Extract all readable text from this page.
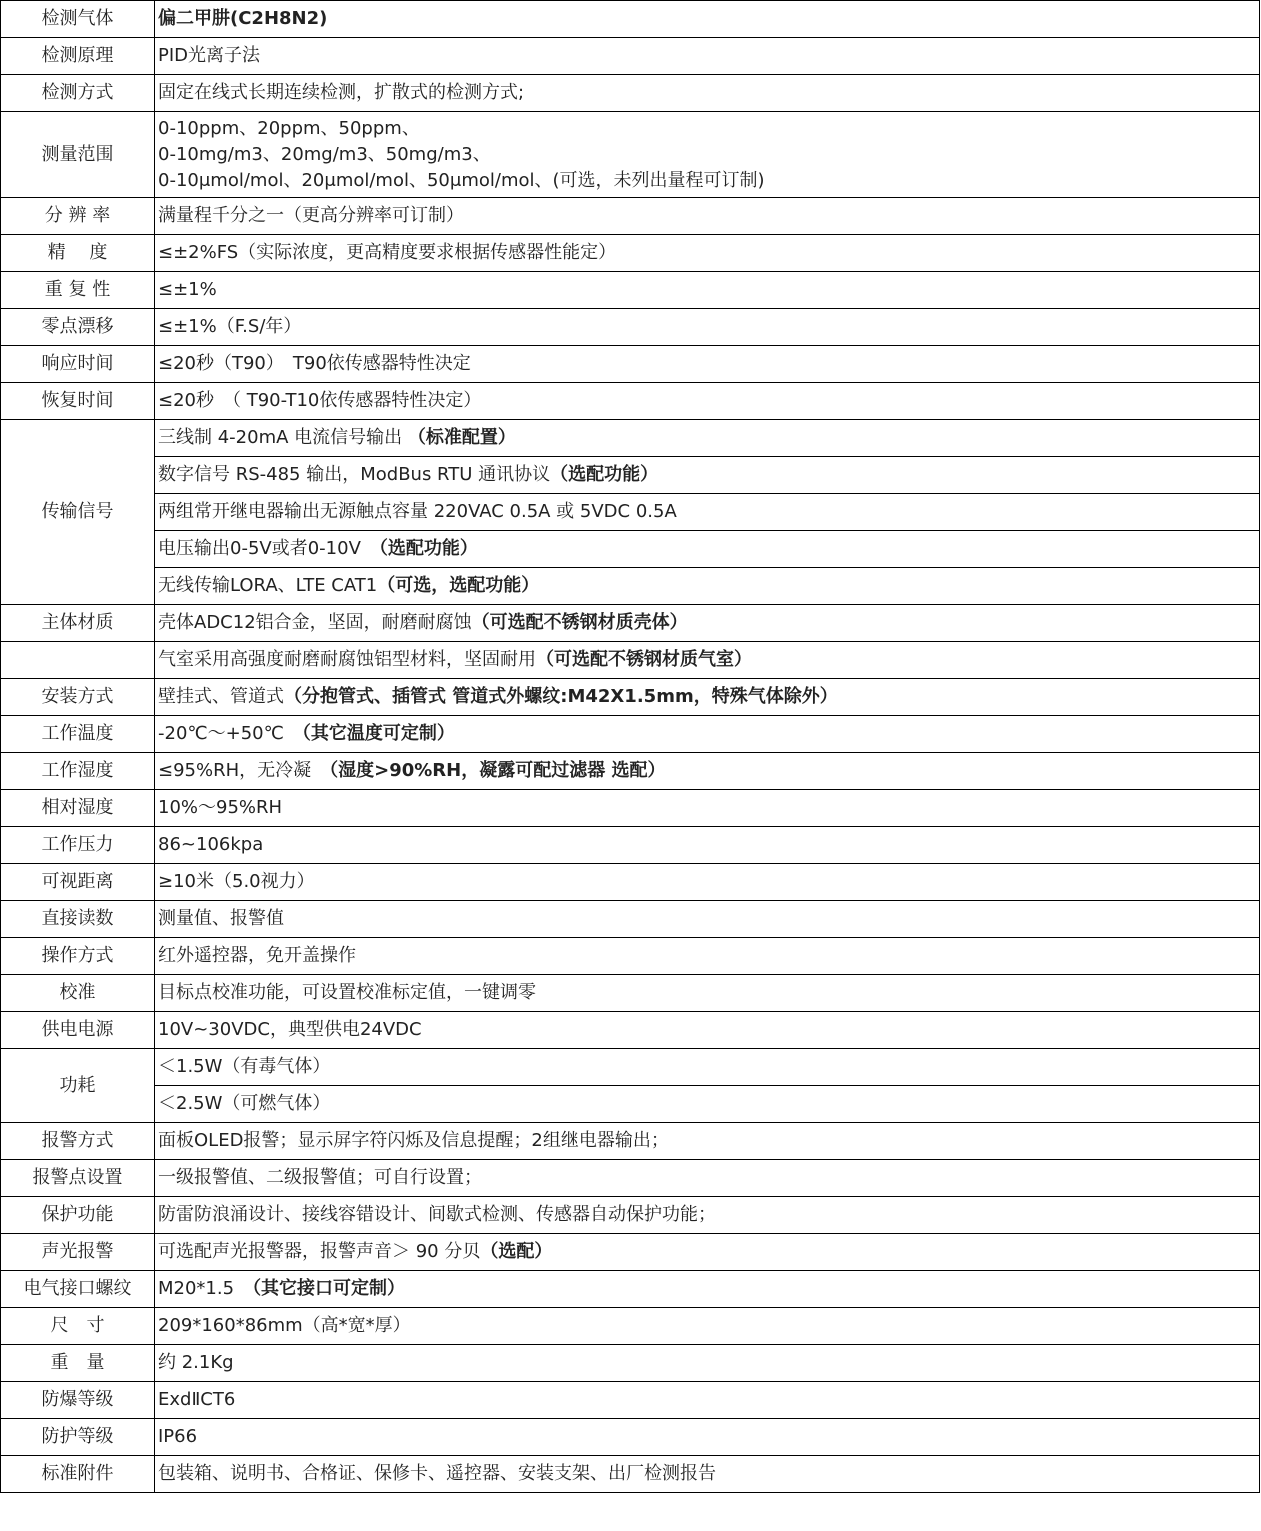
检测气体	偏二甲肼(C2H8N2)
检测原理	PID光离子法
检测方式	固定在线式长期连续检测，扩散式的检测方式;
测量范围	0-10ppm、20ppm、50ppm、
0-10mg/m3、20mg/m3、50mg/m3、
0-10μmol/mol、20μmol/mol、50μmol/mol、(可选，未列出量程可订制)

分 辨 率	满量程千分之一（更高分辨率可订制）
精　 度	≤±2%FS（实际浓度，更高精度要求根据传感器性能定）
重 复 性	≤±1%
零点漂移	≤±1%（F.S/年）
响应时间	≤20秒（T90）　T90依传感器特性决定
恢复时间	≤20秒　（ T90-T10依传感器特性决定）
传输信号	三线制 4-20mA 电流信号输出 （标准配置）
	数字信号 RS-485 输出，ModBus RTU 通讯协议（选配功能）
	两组常开继电器输出无源触点容量 220VAC 0.5A 或 5VDC 0.5A
	电压输出0-5V或者0-10V　（选配功能）
	无线传输LORA、LTE CAT1（可选，选配功能）
主体材质	壳体ADC12铝合金，坚固，耐磨耐腐蚀（可选配不锈钢材质壳体）
	气室采用高强度耐磨耐腐蚀铝型材料，坚固耐用（可选配不锈钢材质气室）
安装方式	壁挂式、管道式（分抱管式、插管式 管道式外螺纹:M42X1.5mm，特殊气体除外）
工作温度	-20℃～+50℃　（其它温度可定制）
工作湿度	≤95%RH，无冷凝　（湿度>90%RH，凝露可配过滤器 选配）
相对湿度	10%～95%RH
工作压力	86~106kpa
可视距离	≥10米（5.0视力）
直接读数	测量值、报警值
操作方式	红外遥控器，免开盖操作
校准	目标点校准功能，可设置校准标定值，一键调零
供电电源	10V~30VDC，典型供电24VDC
功耗	＜1.5W（有毒气体）
	＜2.5W（可燃气体）
报警方式	面板OLED报警；显示屏字符闪烁及信息提醒；2组继电器输出；
报警点设置	一级报警值、二级报警值；可自行设置；
保护功能	防雷防浪涌设计、接线容错设计、间歇式检测、传感器自动保护功能；
声光报警	可选配声光报警器，报警声音＞ 90 分贝（选配）
电气接口螺纹	M20*1.5　（其它接口可定制）
尺　寸	209*160*86mm（高*宽*厚）
重　量	约 2.1Kg
防爆等级	ExdⅡCT6
防护等级	IP66
标准附件	包装箱、说明书、合格证、保修卡、遥控器、安装支架、出厂检测报告
